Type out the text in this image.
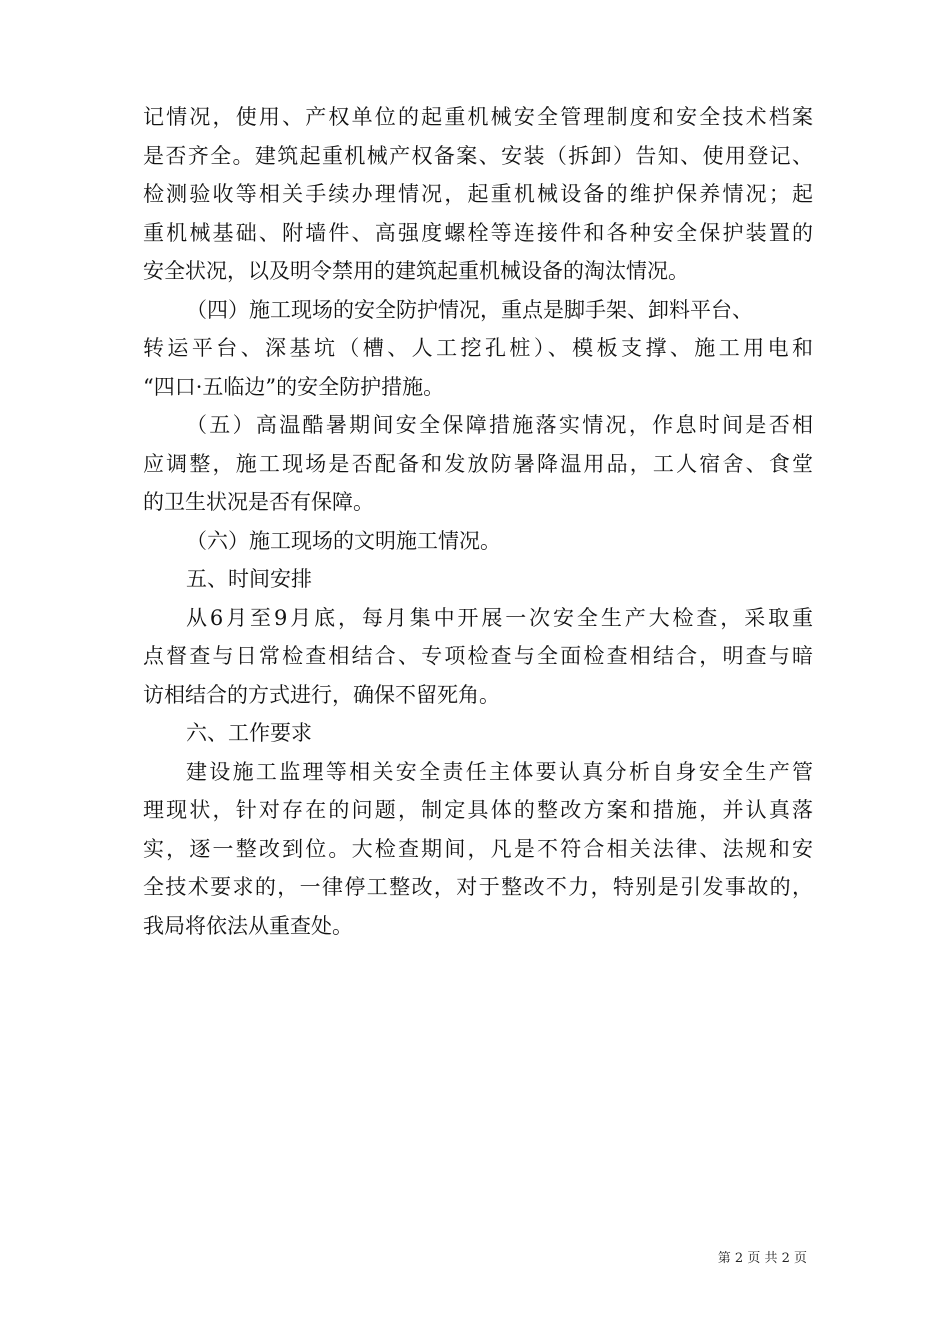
记情况，使用、产权单位的起重机械安全管理制度和安全技术档案
是否齐全。建筑起重机械产权备案、安装（拆卸）告知、使用登记、
检测验收等相关手续办理情况，起重机械设备的维护保养情况；起
重机械基础、附墙件、高强度螺栓等连接件和各种安全保护装置的
安全状况，以及明令禁用的建筑起重机械设备的淘汰情况。
（四）施工现场的安全防护情况，重点是脚手架、卸料平台、
转运平台、深基坑（槽、人工挖孔桩）、模板支撑、施工用电和
“四口·五临边”的安全防护措施。
（五）高温酷暑期间安全保障措施落实情况，作息时间是否相
应调整，施工现场是否配备和发放防暑降温用品，工人宿舍、食堂
的卫生状况是否有保障。
（六）施工现场的文明施工情况。
五、时间安排
从6月至9月底，每月集中开展一次安全生产大检查，采取重
点督查与日常检查相结合、专项检查与全面检查相结合，明查与暗
访相结合的方式进行，确保不留死角。
六、工作要求
建设施工监理等相关安全责任主体要认真分析自身安全生产管
理现状，针对存在的问题，制定具体的整改方案和措施，并认真落
实，逐一整改到位。大检查期间，凡是不符合相关法律、法规和安
全技术要求的，一律停工整改，对于整改不力，特别是引发事故的，
我局将依法从重查处。
第 2 页 共 2 页
